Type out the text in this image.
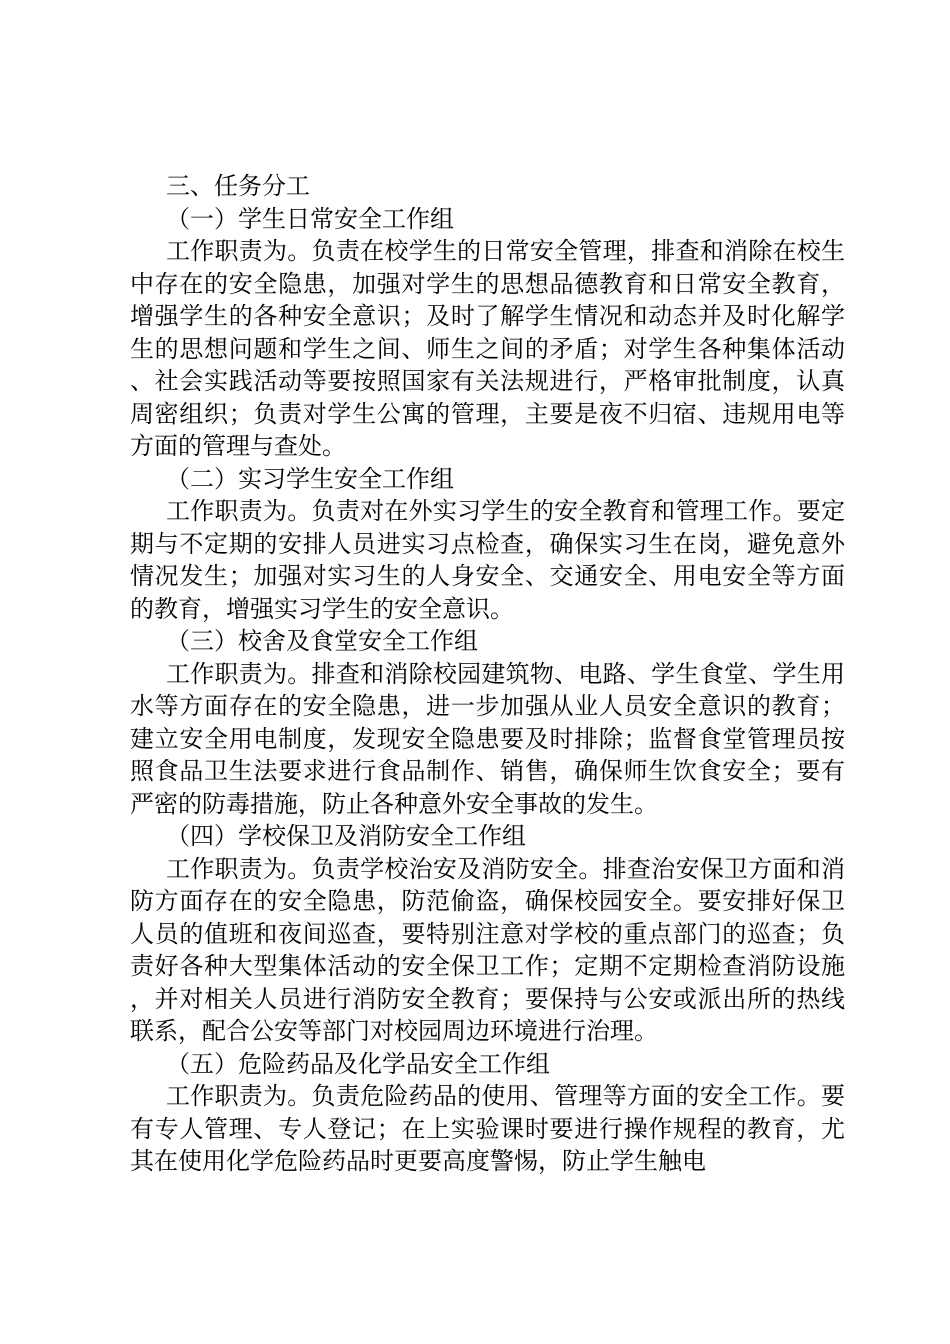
三、任务分工

（一）学生日常安全工作组

工作职责为。负责在校学生的日常安全管理，排查和消除在校生中存在的安全隐患，加强对学生的思想品德教育和日常安全教育，增强学生的各种安全意识；及时了解学生情况和动态并及时化解学生的思想问题和学生之间、师生之间的矛盾；对学生各种集体活动、社会实践活动等要按照国家有关法规进行，严格审批制度，认真周密组织；负责对学生公寓的管理，主要是夜不归宿、违规用电等方面的管理与查处。

（二）实习学生安全工作组

工作职责为。负责对在外实习学生的安全教育和管理工作。要定期与不定期的安排人员进实习点检查，确保实习生在岗，避免意外情况发生；加强对实习生的人身安全、交通安全、用电安全等方面的教育，增强实习学生的安全意识。

（三）校舍及食堂安全工作组

工作职责为。排查和消除校园建筑物、电路、学生食堂、学生用水等方面存在的安全隐患，进一步加强从业人员安全意识的教育；建立安全用电制度，发现安全隐患要及时排除；监督食堂管理员按照食品卫生法要求进行食品制作、销售，确保师生饮食安全；要有严密的防毒措施，防止各种意外安全事故的发生。

（四）学校保卫及消防安全工作组

工作职责为。负责学校治安及消防安全。排查治安保卫方面和消防方面存在的安全隐患，防范偷盗，确保校园安全。要安排好保卫人员的值班和夜间巡查，要特别注意对学校的重点部门的巡查；负责好各种大型集体活动的安全保卫工作；定期不定期检查消防设施，并对相关人员进行消防安全教育；要保持与公安或派出所的热线联系，配合公安等部门对校园周边环境进行治理。

（五）危险药品及化学品安全工作组

工作职责为。负责危险药品的使用、管理等方面的安全工作。要有专人管理、专人登记；在上实验课时要进行操作规程的教育，尤其在使用化学危险药品时更要高度警惕，防止学生触电
